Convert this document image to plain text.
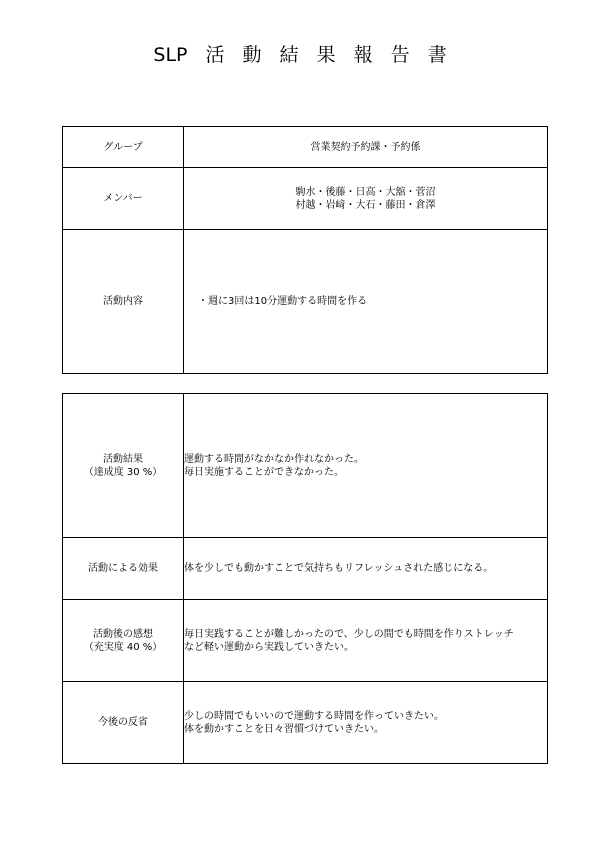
SLP 活 動 結 果 報 告 書
グループ	営業契約予約課・予約係
メンバー	駒水・後藤・日高・大舘・菅沼
村越・岩﨑・大石・藤田・倉澤

活動内容	・週に3回は10分運動する時間を作る
活動結果
（達成度 30 %）	運動する時間がなかなか作れなかった。
毎日実施することができなかった。

活動による効果	体を少しでも動かすことで気持ちもリフレッシュされた感じになる。

活動後の感想
（充実度 40 %）	毎日実践することが難しかったので、少しの間でも時間を作りストレッチ
など軽い運動から実践していきたい。

今後の反省	少しの時間でもいいので運動する時間を作っていきたい。
体を動かすことを日々習慣づけていきたい。
